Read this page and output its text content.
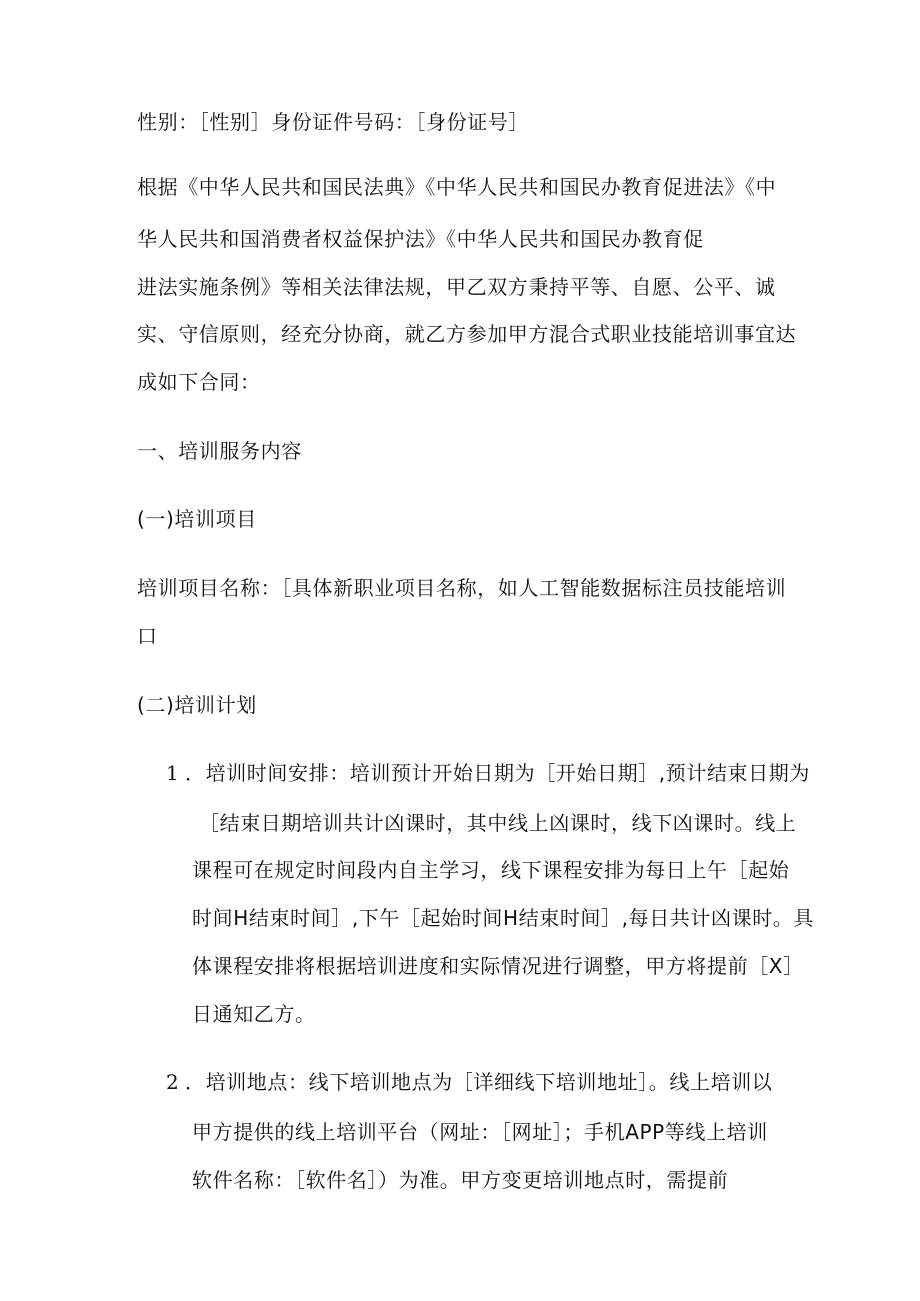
性别：［性别］身份证件号码：［身份证号］
根据《中华人民共和国民法典》《中华人民共和国民办教育促进法》《中
华人民共和国消费者权益保护法》《中华人民共和国民办教育促
进法实施条例》等相关法律法规，甲乙双方秉持平等、自愿、公平、诚
实、守信原则，经充分协商，就乙方参加甲方混合式职业技能培训事宜达
成如下合同：
一、培训服务内容
(一)培训项目
培训项目名称：［具体新职业项目名称，如人工智能数据标注员技能培训
口
(二)培训计划
1 ．培训时间安排：培训预计开始日期为［开始日期］,预计结束日期为
［结束日期培训共计凶课时，其中线上凶课时，线下凶课时。线上
课程可在规定时间段内自主学习，线下课程安排为每日上午［起始
时间H结束时间］,下午［起始时间H结束时间］,每日共计凶课时。具
体课程安排将根据培训进度和实际情况进行调整，甲方将提前［X］
日通知乙方。
2 ．培训地点：线下培训地点为［详细线下培训地址］。线上培训以
甲方提供的线上培训平台（网址：［网址］；手机APP等线上培训
软件名称：［软件名］）为准。甲方变更培训地点时，需提前
